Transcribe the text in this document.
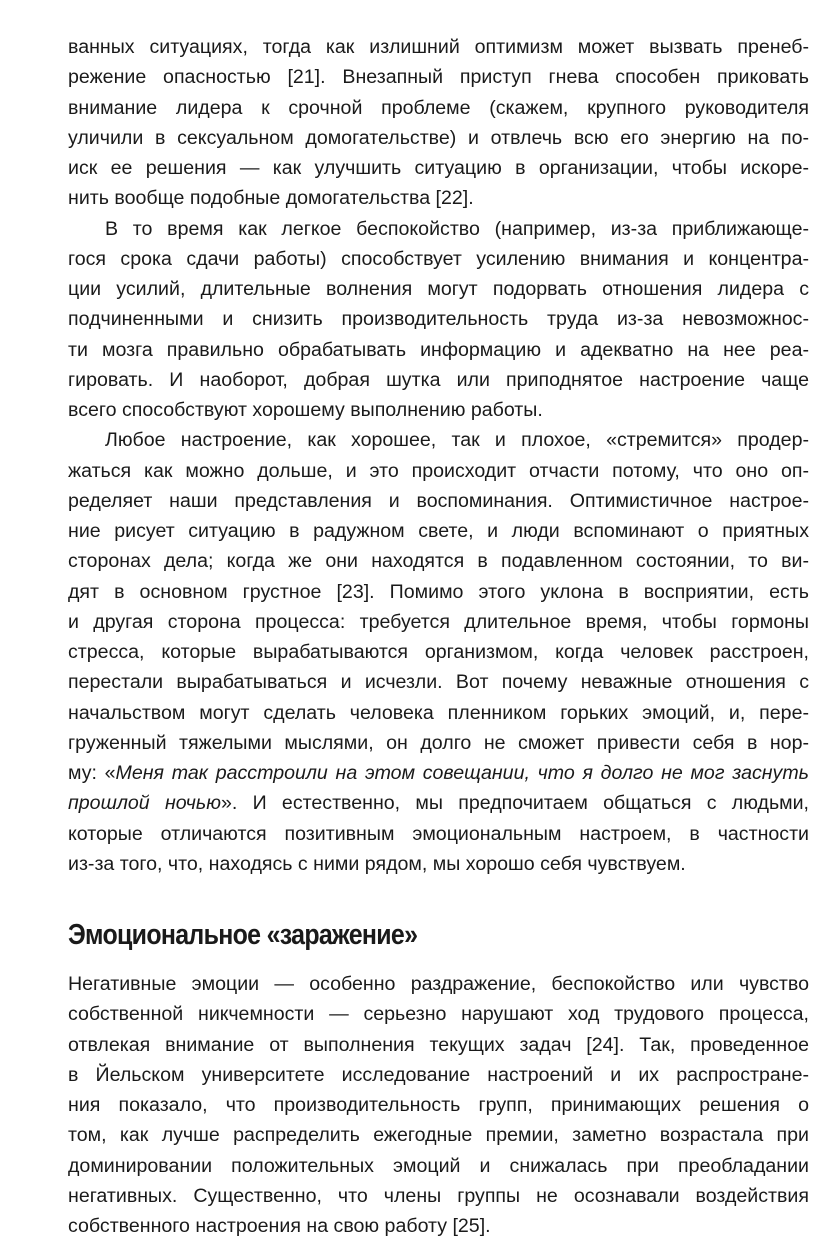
ванных ситуациях, тогда как излишний оптимизм может вызвать пренеб-
режение опасностью [21]. Внезапный приступ гнева способен приковать
внимание лидера к срочной проблеме (скажем, крупного руководителя
уличили в сексуальном домогательстве) и отвлечь всю его энергию на по-
иск ее решения — как улучшить ситуацию в организации, чтобы искоре-
нить вообще подобные домогательства [22].
В то время как легкое беспокойство (например, из-за приближающе-
гося срока сдачи работы) способствует усилению внимания и концентра-
ции усилий, длительные волнения могут подорвать отношения лидера с
подчиненными и снизить производительность труда из-за невозможнос-
ти мозга правильно обрабатывать информацию и адекватно на нее реа-
гировать. И наоборот, добрая шутка или приподнятое настроение чаще
всего способствуют хорошему выполнению работы.
Любое настроение, как хорошее, так и плохое, «стремится» продер-
жаться как можно дольше, и это происходит отчасти потому, что оно оп-
ределяет наши представления и воспоминания. Оптимистичное настрое-
ние рисует ситуацию в радужном свете, и люди вспоминают о приятных
сторонах дела; когда же они находятся в подавленном состоянии, то ви-
дят в основном грустное [23]. Помимо этого уклона в восприятии, есть
и другая сторона процесса: требуется длительное время, чтобы гормоны
стресса, которые вырабатываются организмом, когда человек расстроен,
перестали вырабатываться и исчезли. Вот почему неважные отношения с
начальством могут сделать человека пленником горьких эмоций, и, пере-
груженный тяжелыми мыслями, он долго не сможет привести себя в нор-
му: «Меня так расстроили на этом совещании, что я долго не мог заснуть
прошлой ночью». И естественно, мы предпочитаем общаться с людьми,
которые отличаются позитивным эмоциональным настроем, в частности
из-за того, что, находясь с ними рядом, мы хорошо себя чувствуем.
Эмоциональное «заражение»
Негативные эмоции — особенно раздражение, беспокойство или чувство
собственной никчемности — серьезно нарушают ход трудового процесса,
отвлекая внимание от выполнения текущих задач [24]. Так, проведенное
в Йельском университете исследование настроений и их распростране-
ния показало, что производительность групп, принимающих решения о
том, как лучше распределить ежегодные премии, заметно возрастала при
доминировании положительных эмоций и снижалась при преобладании
негативных. Существенно, что члены группы не осознавали воздействия
собственного настроения на свою работу [25].
